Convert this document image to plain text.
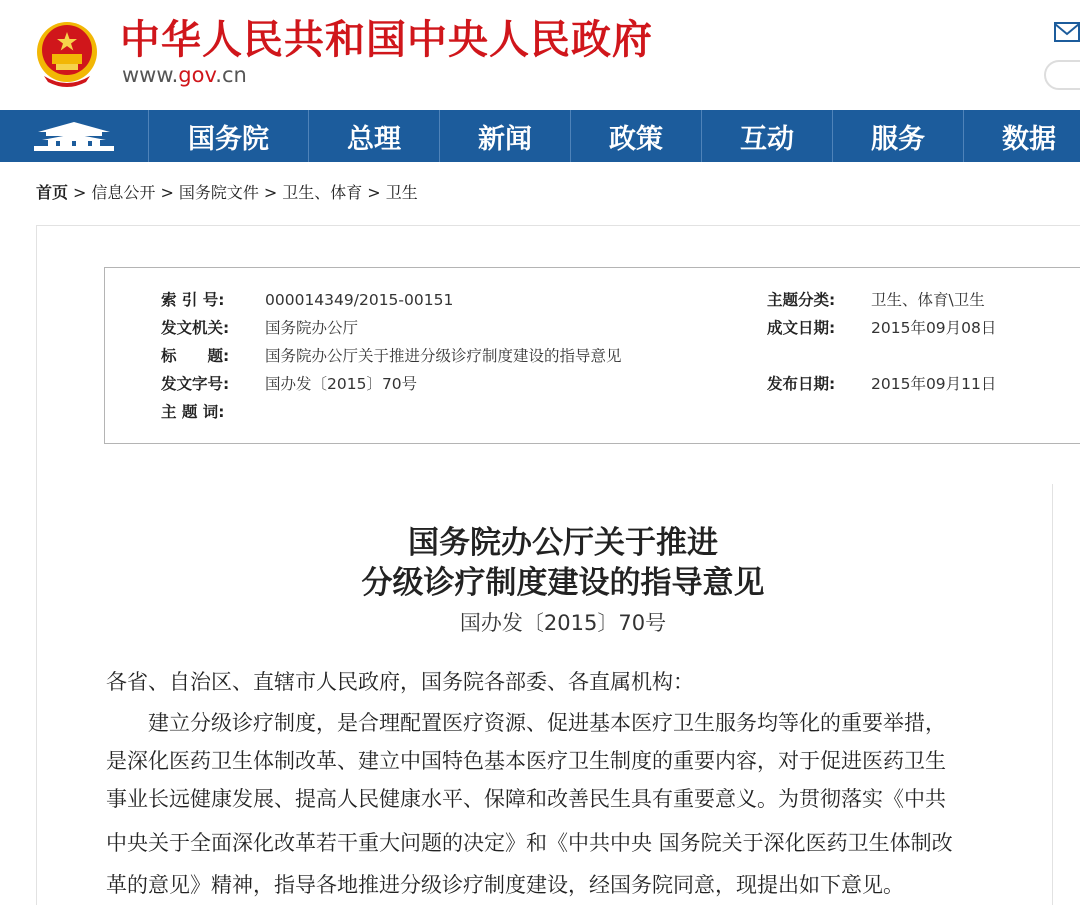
中华人民共和国中央人民政府
www.gov.cn
国务院	总理	新闻	政策	互动	服务	数据
首页 > 信息公开 > 国务院文件 > 卫生、体育 > 卫生
索 引 号:	000014349/2015-00151	主题分类: 卫生、体育\卫生
发文机关: 国务院办公厅	成文日期: 2015年09月08日
标　　题: 国务院办公厅关于推进分级诊疗制度建设的指导意见
发文字号: 国办发〔2015〕70号	发布日期: 2015年09月11日
主 题 词:
国务院办公厅关于推进
分级诊疗制度建设的指导意见
国办发〔2015〕70号
各省、自治区、直辖市人民政府，国务院各部委、各直属机构：
　　建立分级诊疗制度，是合理配置医疗资源、促进基本医疗卫生服务均等化的重要举措，
是深化医药卫生体制改革、建立中国特色基本医疗卫生制度的重要内容，对于促进医药卫生
事业长远健康发展、提高人民健康水平、保障和改善民生具有重要意义。为贯彻落实《中共
中央关于全面深化改革若干重大问题的决定》和《中共中央 国务院关于深化医药卫生体制改
革的意见》精神，指导各地推进分级诊疗制度建设，经国务院同意，现提出如下意见。
